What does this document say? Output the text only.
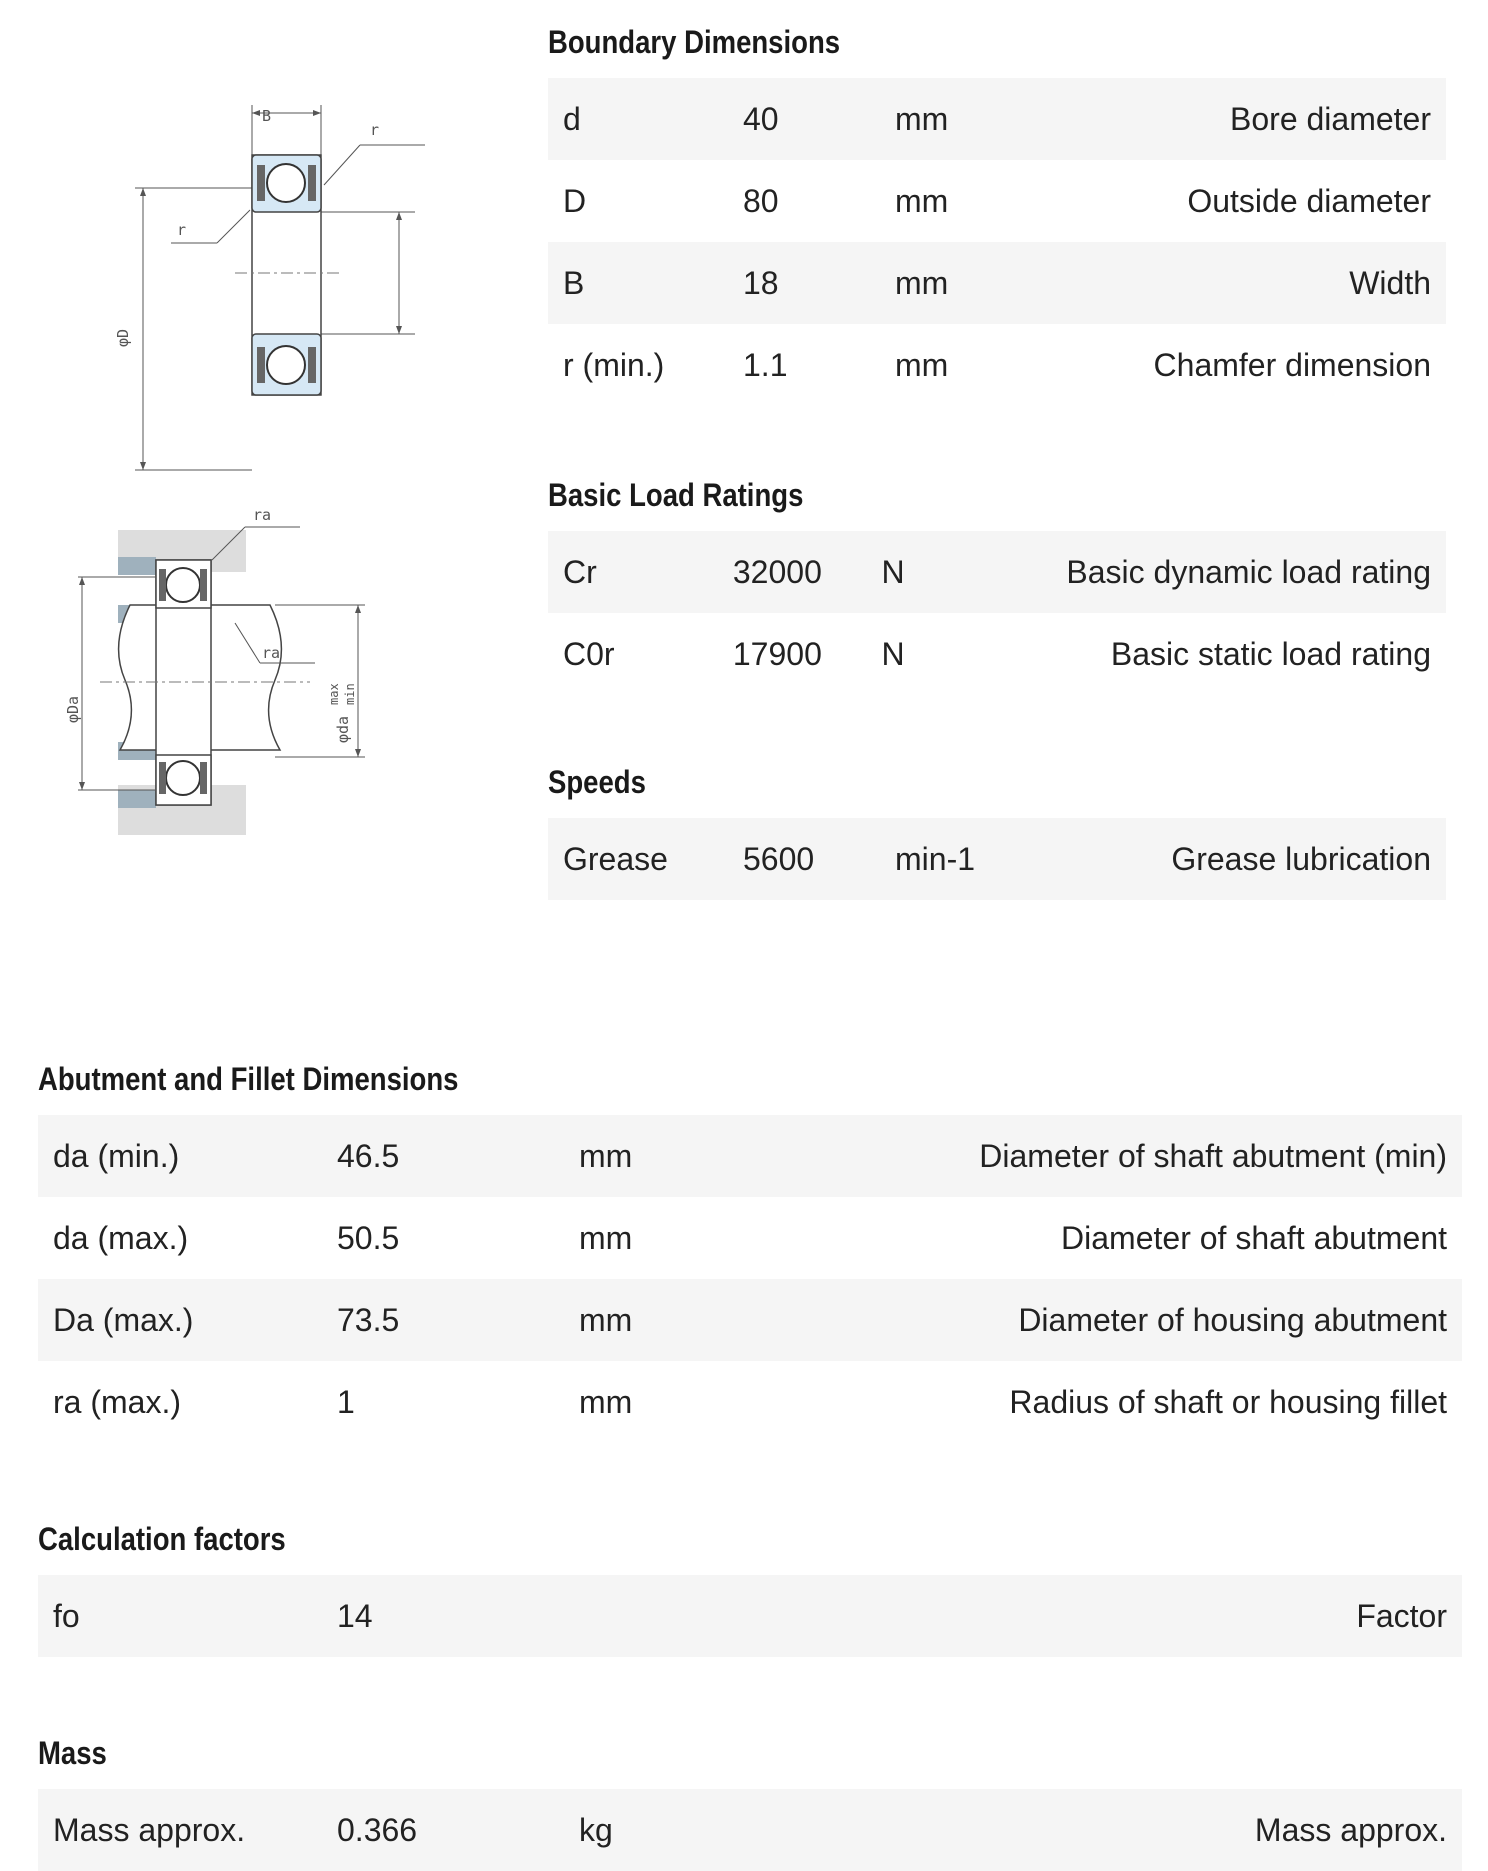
B
r
φD
r
ra
ra
φDa
φda
max min
Boundary Dimensions
d	40	mm	Bore diameter
D	80	mm	Outside diameter
B	18	mm	Width
r (min.)	1.1	mm	Chamfer dimension
Basic Load Ratings
Cr	32000	N	Basic dynamic load rating
C0r	17900	N	Basic static load rating
Speeds
Grease	5600	min-1	Grease lubrication
Abutment and Fillet Dimensions
da (min.)	46.5	mm	Diameter of shaft abutment (min)
da (max.)	50.5	mm	Diameter of shaft abutment
Da (max.)	73.5	mm	Diameter of housing abutment
ra (max.)	1	mm	Radius of shaft or housing fillet
Calculation factors
fo	14		Factor
Mass
Mass approx.	0.366	kg	Mass approx.
